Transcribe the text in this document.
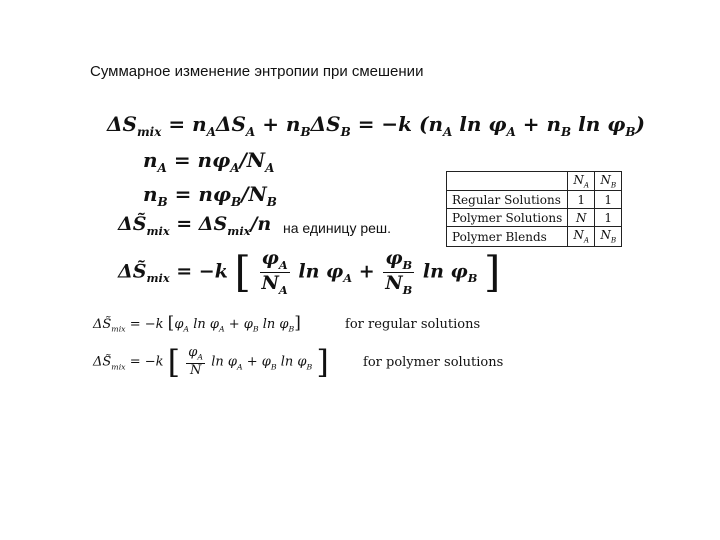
Суммарное изменение энтропии при смешении
$\Delta S_{mix} = n_A\Delta S_A + n_B\Delta S_B = -k$ ($n_A$ $\ln \varphi_A + n_B$ $\ln \varphi_B$)
$n_A = n\varphi_A/N_A$
$n_B = n\varphi_B/N_B$
$\Delta S̃_{mix} = \Delta S_{mix}/n$ на единицу реш.
	$N_A$	$N_B$
Regular Solutions	1	1
Polymer Solutions	N	1
Polymer Blends	$N_A$	$N_B$
$\Delta S̃_{mix} = -k$ [ $\frac{\varphi_A}{N_A}$ $\ln \varphi_A + \frac{\varphi_B}{N_B}$ $\ln \varphi_B$ ]
$\Delta S̃_{mix} = -k$ [$\varphi_A$ $\ln \varphi_A + \varphi_B$ $\ln \varphi_B$]	for regular solutions
$\Delta S̃_{mix} = -k$ [ $\frac{\varphi_A}{N}$ $\ln \varphi_A + \varphi_B$ $\ln \varphi_B$ ]	for polymer solutions
